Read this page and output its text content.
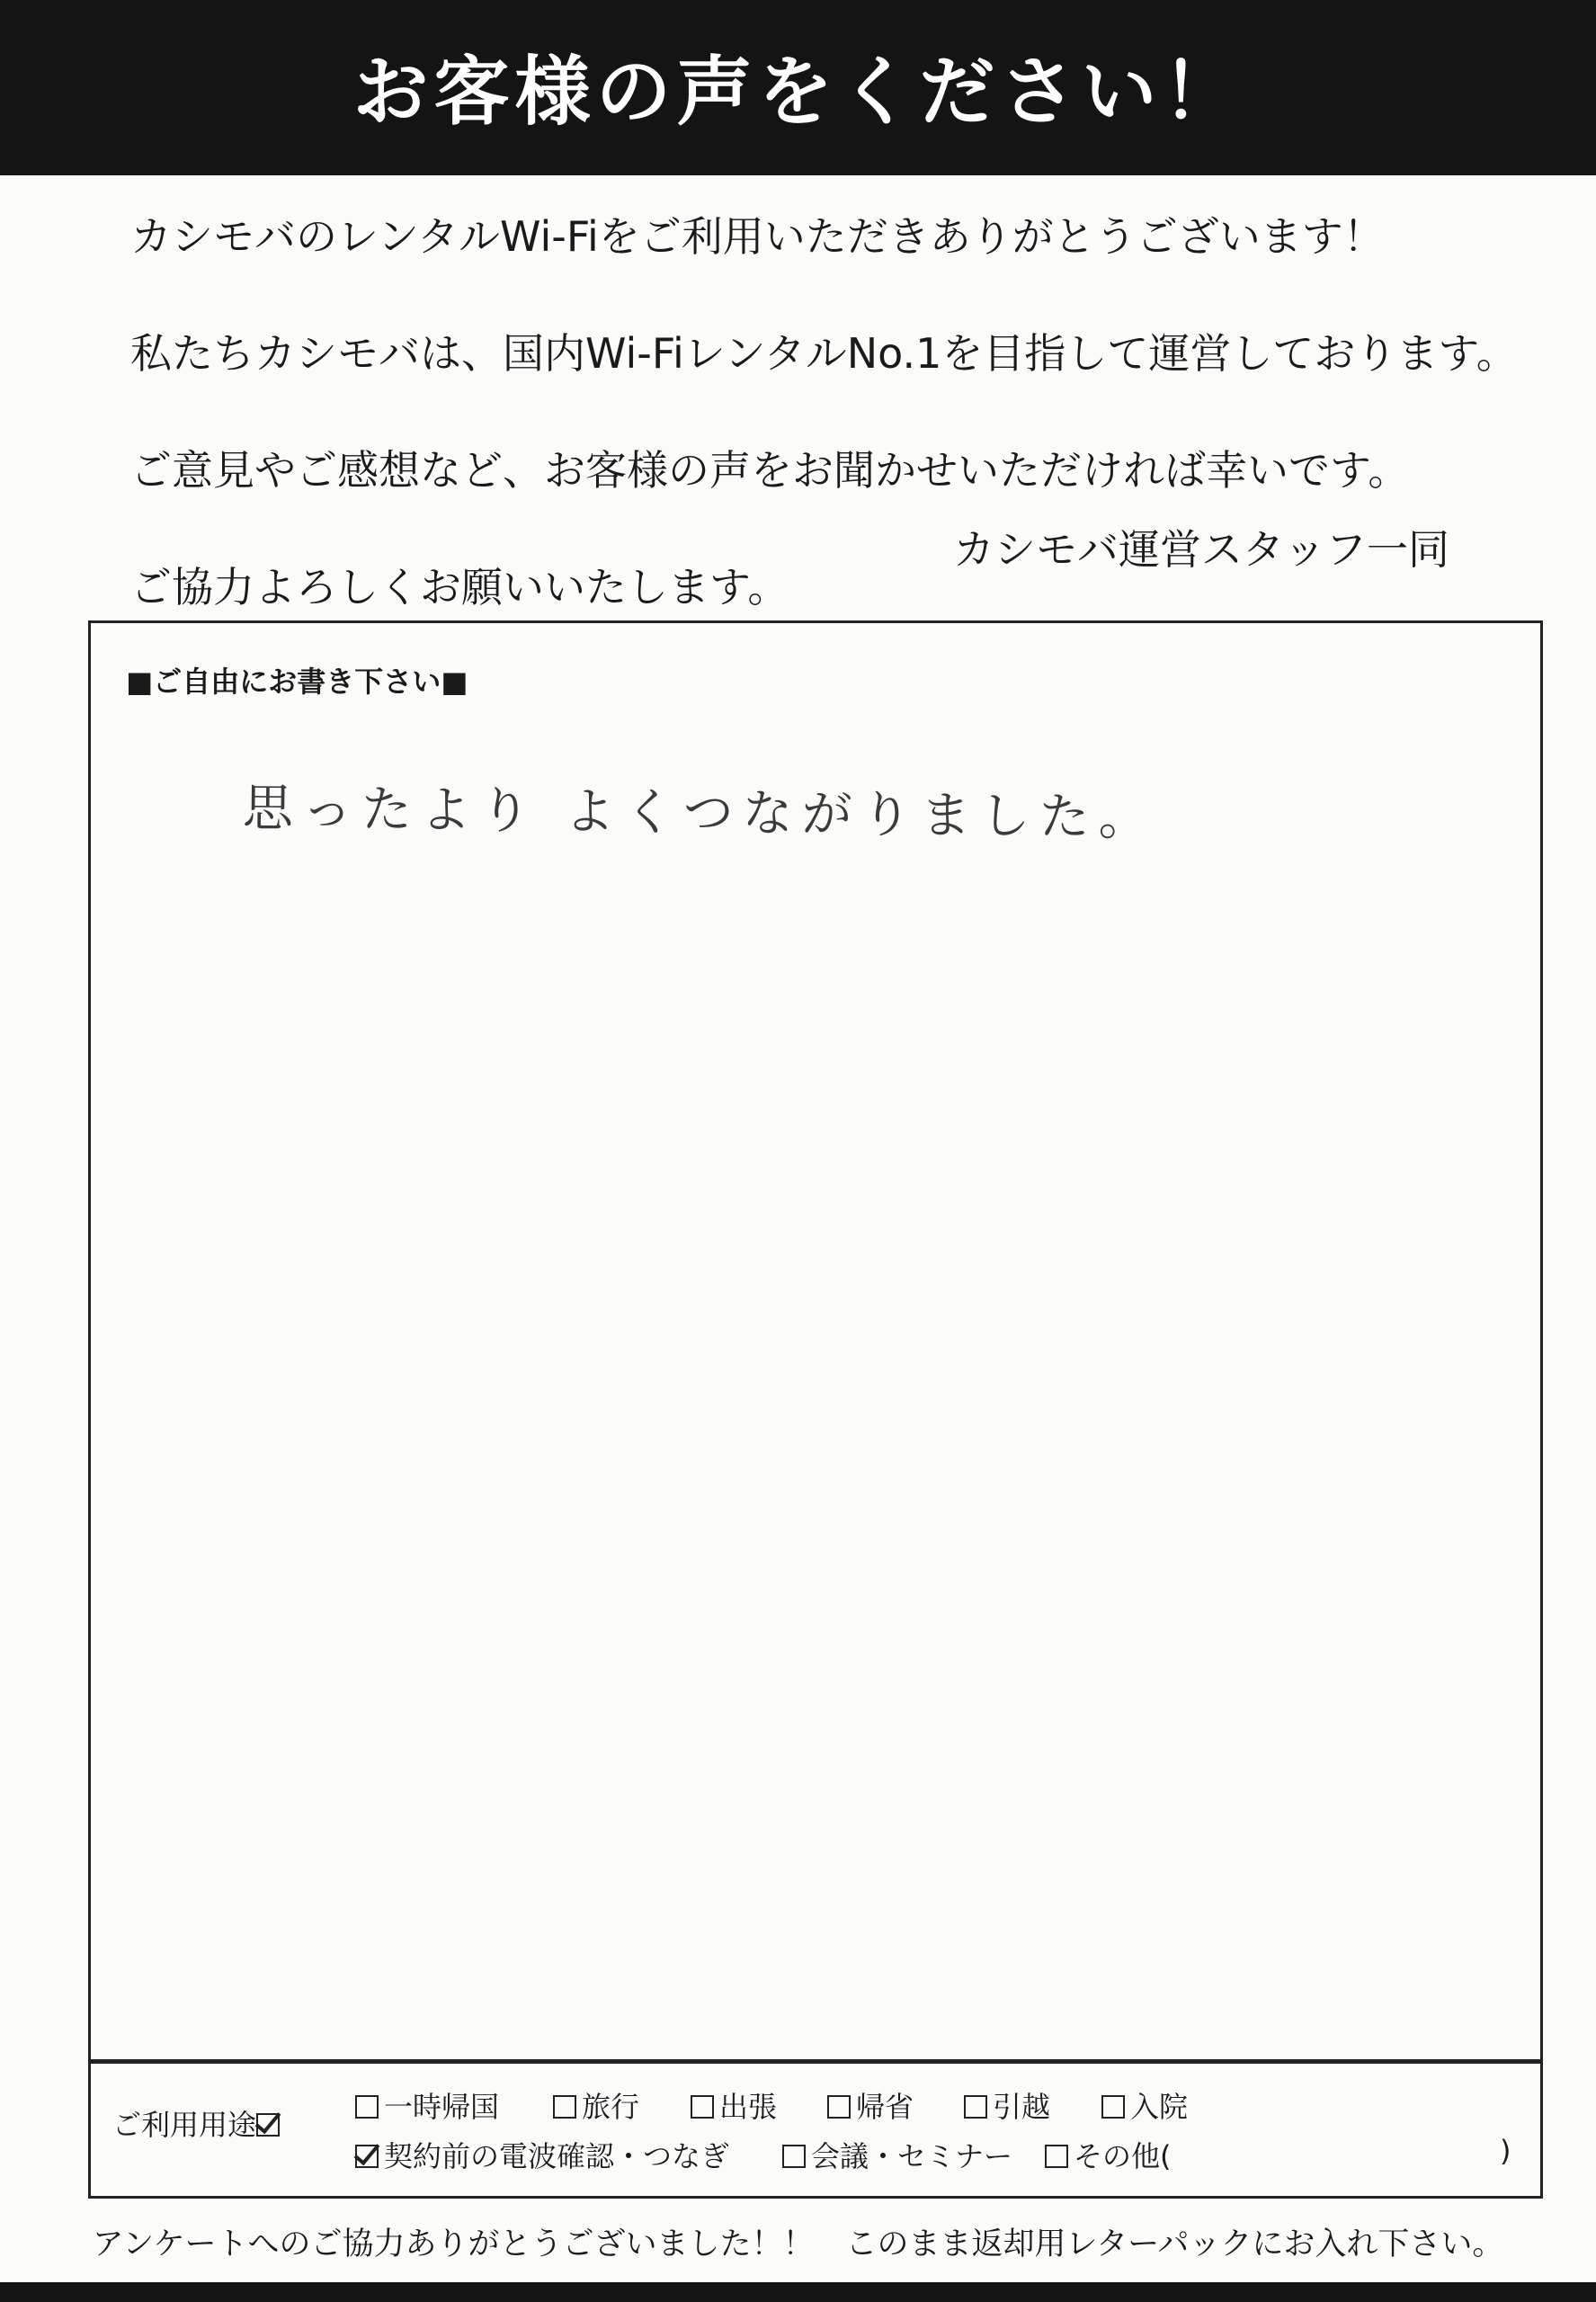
お客様の声をください！
カシモバのレンタルWi-Fiをご利用いただきありがとうございます！
私たちカシモバは、国内Wi-FiレンタルNo.1を目指して運営しております。
ご意見やご感想など、お客様の声をお聞かせいただければ幸いです。
ご協力よろしくお願いいたします。
カシモバ運営スタッフ一同
■ご自由にお書き下さい■
思ったより よくつながりました。
ご利用用途
一時帰国	旅行	出張	帰省	引越	入院
契約前の電波確認・つなぎ	会議・セミナー	その他(	)
アンケートへのご協力ありがとうございました！！　このまま返却用レターパックにお入れ下さい。
